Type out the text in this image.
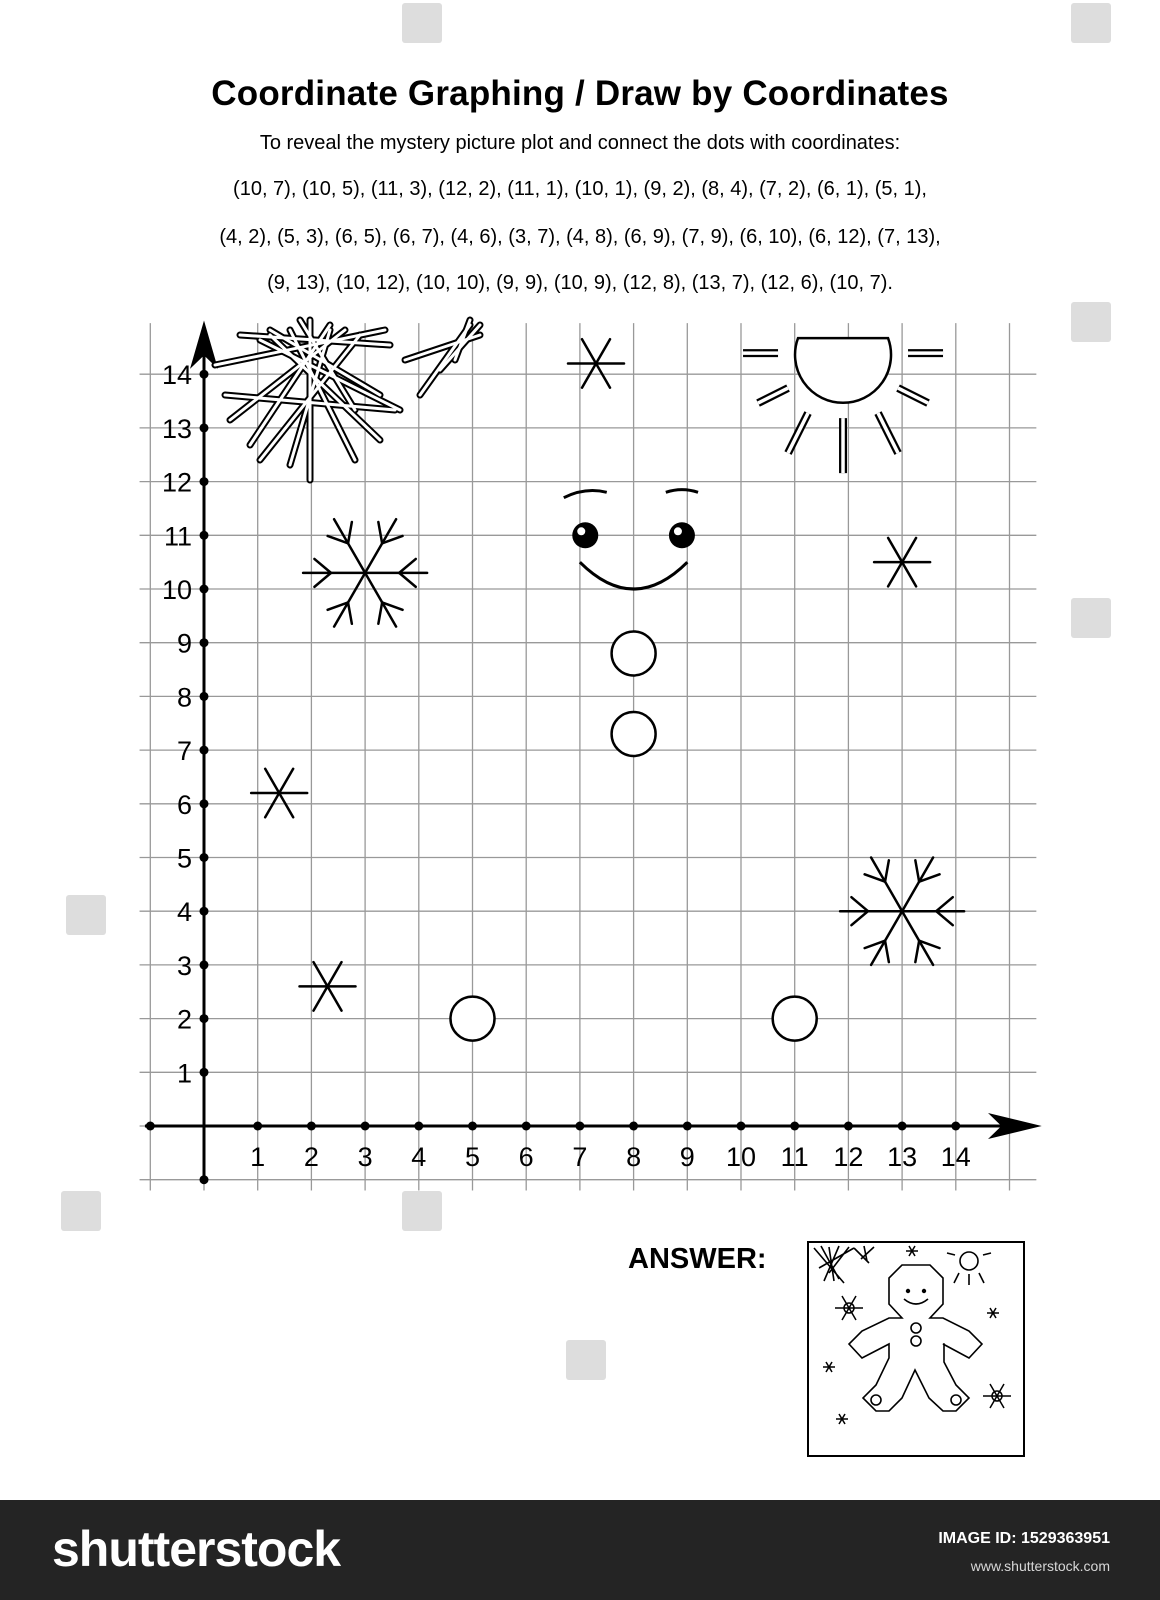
Coordinate Graphing / Draw by Coordinates
To reveal the mystery picture plot and connect the dots with coordinates:
(10, 7), (10, 5), (11, 3), (12, 2), (11, 1), (10, 1), (9, 2), (8, 4), (7, 2), (6, 1), (5, 1),
(4, 2), (5, 3), (6, 5), (6, 7), (4, 6), (3, 7), (4, 8), (6, 9), (7, 9), (6, 10), (6, 12), (7, 13),
(9, 13), (10, 12), (10, 10), (9, 9), (10, 9), (12, 8), (13, 7), (12, 6), (10, 7).
1 2 3 4 5 6 7 8 9 10 11 12 13 14
1
2
3
4
5
6
7
8
9
10
11
12
13
14
ANSWER:
shutterstock	IMAGE ID: 1529363951
www.shutterstock.com
